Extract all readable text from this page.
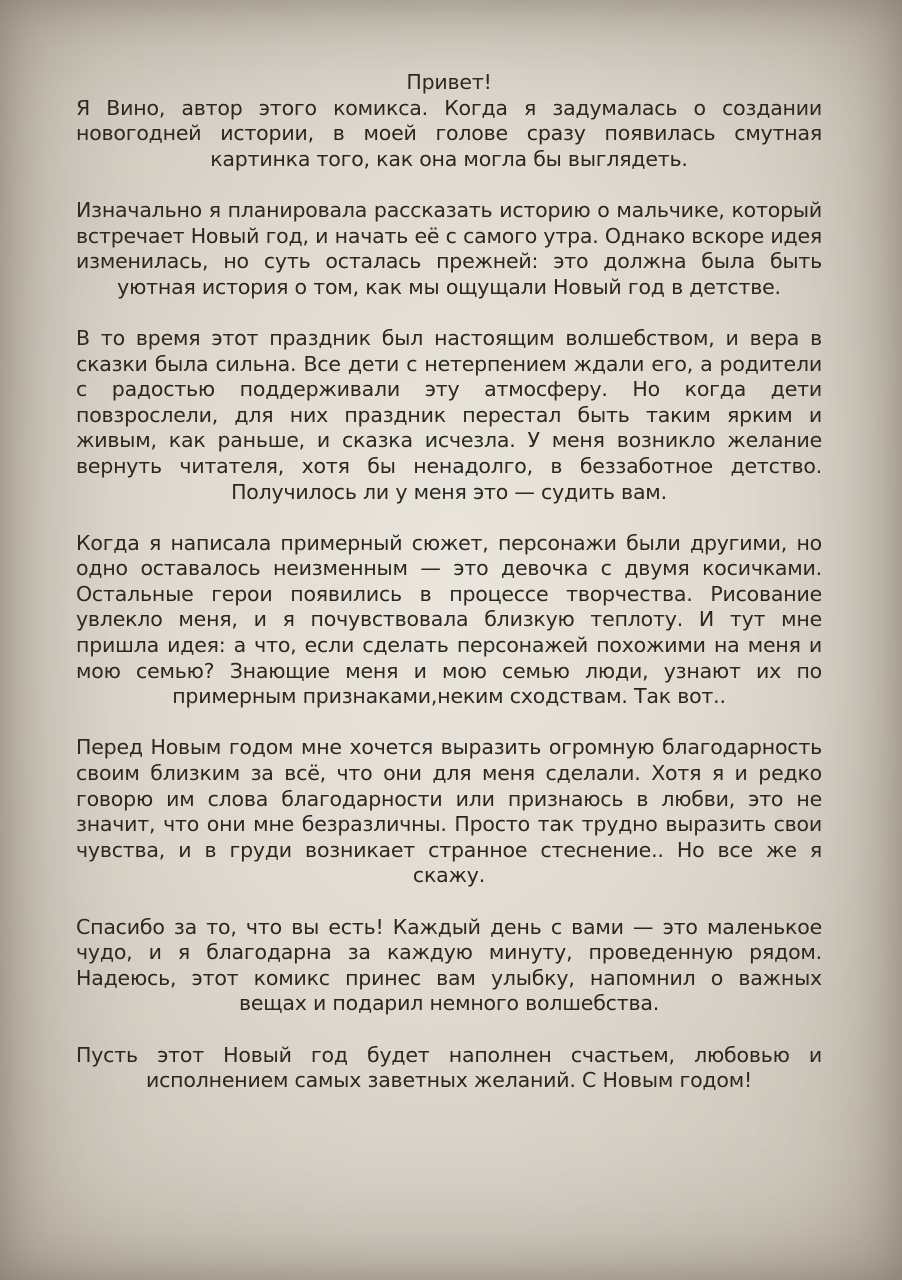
Привет!

Я Вино, автор этого комикса. Когда я задумалась о создании новогодней истории, в моей голове сразу появилась смутная картинка того, как она могла бы выглядеть.

Изначально я планировала рассказать историю о мальчике, который встречает Новый год, и начать её с самого утра. Однако вскоре идея изменилась, но суть осталась прежней: это должна была быть уютная история о том, как мы ощущали Новый год в детстве.

В то время этот праздник был настоящим волшебством, и вера в сказки была сильна. Все дети с нетерпением ждали его, а родители с радостью поддерживали эту атмосферу. Но когда дети повзрослели, для них праздник перестал быть таким ярким и живым, как раньше, и сказка исчезла. У меня возникло желание вернуть читателя, хотя бы ненадолго, в беззаботное детство. Получилось ли у меня это — судить вам.

Когда я написала примерный сюжет, персонажи были другими, но одно оставалось неизменным — это девочка с двумя косичками. Остальные герои появились в процессе творчества. Рисование увлекло меня, и я почувствовала близкую теплоту. И тут мне пришла идея: а что, если сделать персонажей похожими на меня и мою семью? Знающие меня и мою семью люди, узнают их по примерным признаками,неким сходствам. Так вот..

Перед Новым годом мне хочется выразить огромную благодарность своим близким за всё, что они для меня сделали. Хотя я и редко говорю им слова благодарности или признаюсь в любви, это не значит, что они мне безразличны. Просто так трудно выразить свои чувства, и в груди возникает странное стеснение.. Но все же я скажу.

Спасибо за то, что вы есть! Каждый день с вами — это маленькое чудо, и я благодарна за каждую минуту, проведенную рядом. Надеюсь, этот комикс принес вам улыбку, напомнил о важных вещах и подарил немного волшебства.

Пусть этот Новый год будет наполнен счастьем, любовью и исполнением самых заветных желаний. С Новым годом!
